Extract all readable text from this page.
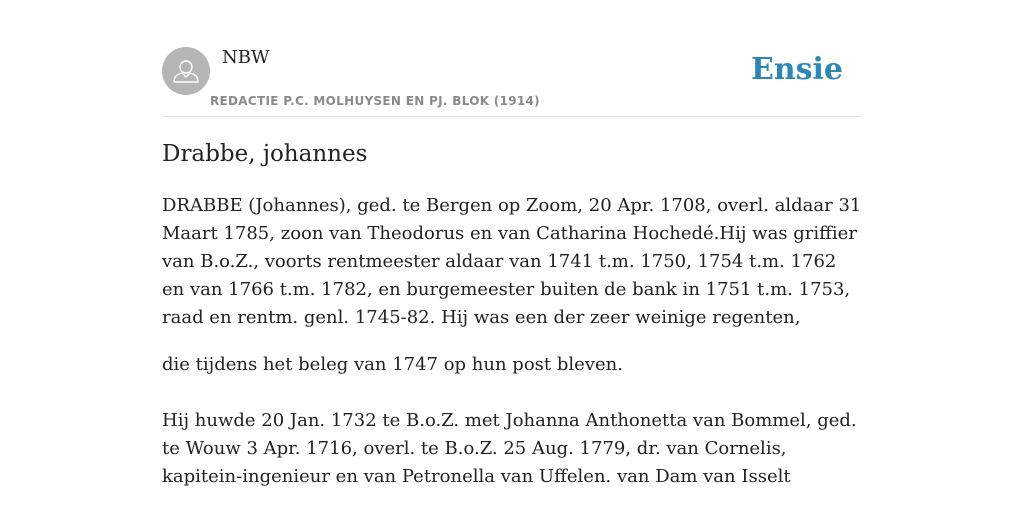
NBW
REDACTIE P.C. MOLHUYSEN EN PJ. BLOK (1914)
Ensie
Drabbe, johannes

DRABBE (Johannes), ged. te Bergen op Zoom, 20 Apr. 1708, overl. aldaar 31 Maart 1785, zoon van Theodorus en van Catharina Hochedé.Hij was griffier van B.o.Z., voorts rentmeester aldaar van 1741 t.m. 1750, 1754 t.m. 1762 en van 1766 t.m. 1782, en burgemeester buiten de bank in 1751 t.m. 1753, raad en rentm. genl. 1745-82. Hij was een der zeer weinige regenten,

die tijdens het beleg van 1747 op hun post bleven.

Hij huwde 20 Jan. 1732 te B.o.Z. met Johanna Anthonetta van Bommel, ged. te Wouw 3 Apr. 1716, overl. te B.o.Z. 25 Aug. 1779, dr. van Cornelis, kapitein-ingenieur en van Petronella van Uffelen. van Dam van Isselt
